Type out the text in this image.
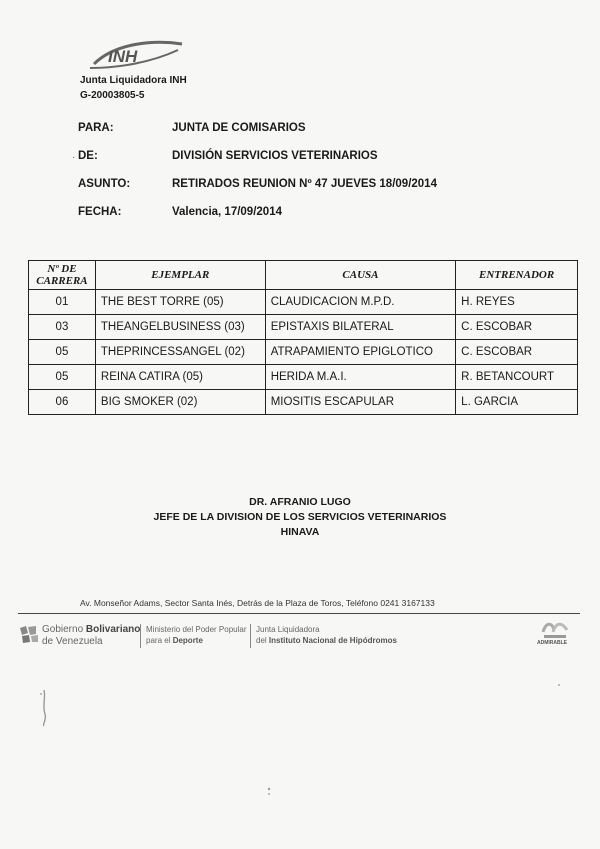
INH
Junta Liquidadora INH
G-20003805-5
PARA:	JUNTA DE COMISARIOS
· DE:	DIVISIÓN SERVICIOS VETERINARIOS
ASUNTO:	RETIRADOS REUNION Nº 47 JUEVES 18/09/2014
FECHA:	Valencia, 17/09/2014
Nº DE
CARRERA	EJEMPLAR	CAUSA	ENTRENADOR
01	THE BEST TORRE (05)	CLAUDICACION M.P.D.	H. REYES
03	THEANGELBUSINESS (03)	EPISTAXIS BILATERAL	C. ESCOBAR
05	THEPRINCESSANGEL (02)	ATRAPAMIENTO EPIGLOTICO	C. ESCOBAR
05	REINA CATIRA (05)	HERIDA M.A.I.	R. BETANCOURT
06	BIG SMOKER (02)	MIOSITIS ESCAPULAR	L. GARCIA
DR. AFRANIO LUGO
JEFE DE LA DIVISION DE LOS SERVICIOS VETERINARIOS
HINAVA
Av. Monseñor Adams, Sector Santa Inés, Detrás de la Plaza de Toros, Teléfono 0241 3167133
Gobierno Bolivariano
de Venezuela
Ministerio del Poder Popular
para el Deporte
Junta Liquidadora
del Instituto Nacional de Hipódromos	ADMIRABLE
